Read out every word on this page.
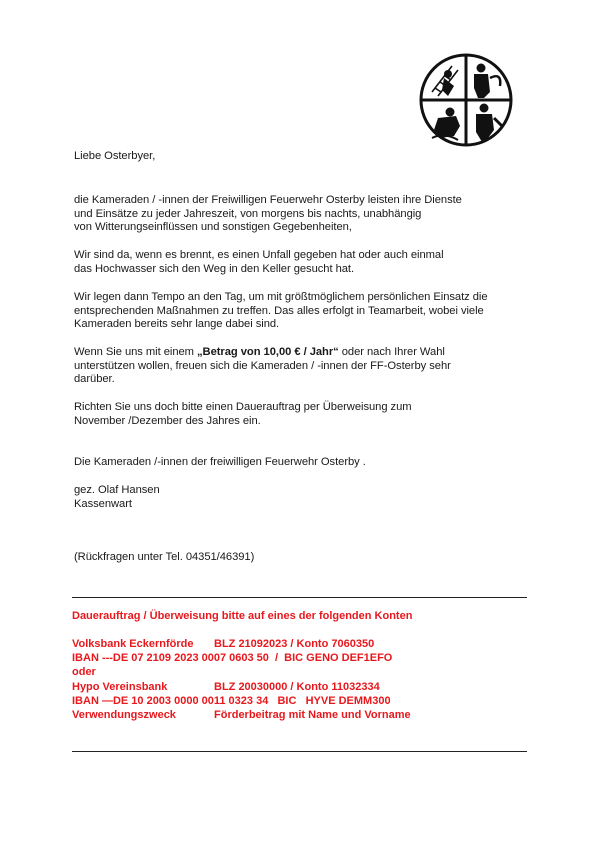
Liebe Osterbyer,
die Kameraden / -innen der Freiwilligen Feuerwehr Osterby leisten ihre Dienste
und Einsätze zu jeder Jahreszeit, von morgens bis nachts, unabhängig
von Witterungseinflüssen und sonstigen Gegebenheiten,
Wir sind da, wenn es brennt, es einen Unfall gegeben hat oder auch einmal
das Hochwasser sich den Weg in den Keller gesucht hat.
Wir legen dann Tempo an den Tag, um mit größtmöglichem persönlichen Einsatz die
entsprechenden Maßnahmen zu treffen. Das alles erfolgt in Teamarbeit, wobei viele
Kameraden bereits sehr lange dabei sind.
Wenn Sie uns mit einem „Betrag von 10,00 € / Jahr“ oder nach Ihrer Wahl
unterstützen wollen, freuen sich die Kameraden / -innen der FF-Osterby sehr
darüber.
Richten Sie uns doch bitte einen Dauerauftrag per Überweisung zum
November /Dezember des Jahres ein.
Die Kameraden /-innen der freiwilligen Feuerwehr Osterby .
gez. Olaf Hansen
Kassenwart
(Rückfragen unter Tel. 04351/46391)
Dauerauftrag / Überweisung bitte auf eines der folgenden Konten
Volksbank Eckernförde BLZ 21092023 / Konto 7060350
IBAN ---DE 07 2109 2023 0007 0603 50  /  BIC GENO DEF1EFO
oder
Hypo Vereinsbank	BLZ 20030000 / Konto 11032334
IBAN —DE 10 2003 0000 0011 0323 34   BIC   HYVE DEMM300
Verwendungszweck	Förderbeitrag mit Name und Vorname
